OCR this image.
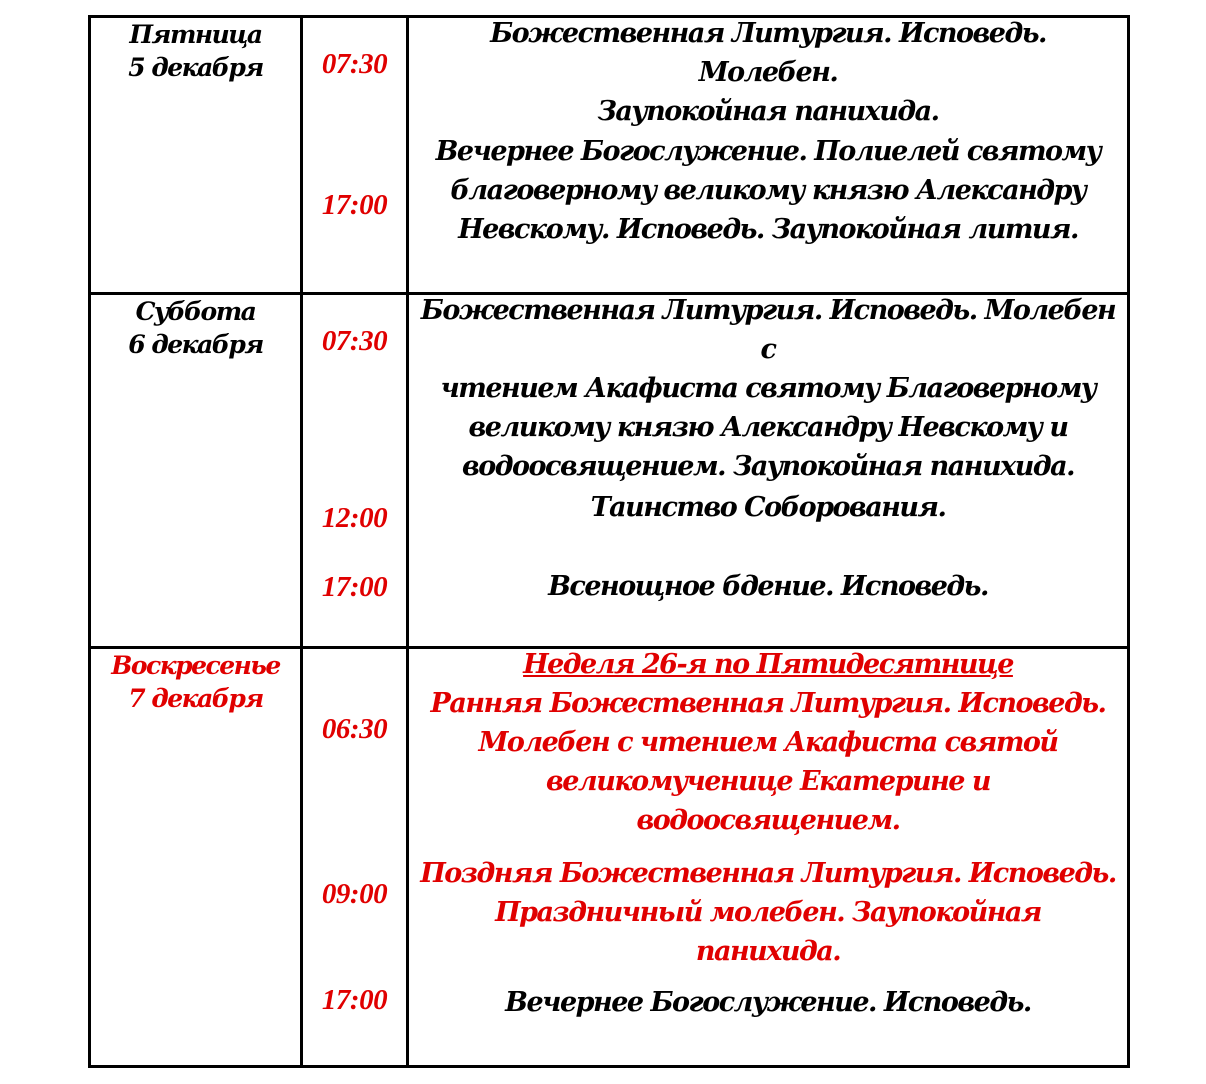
Пятница
5 декабря	07:30
17:00
Божественная Литургия. Исповедь. Молебен.
Заупокойная панихида.
Вечернее Богослужение. Полиелей святому
благоверному великому князю Александру
Невскому. Исповедь. Заупокойная лития.
Суббота
6 декабря	07:30
12:00
17:00
Божественная Литургия. Исповедь. Молебен с
чтением Акафиста святому Благоверному
великому князю Александру Невскому и
водоосвящением. Заупокойная панихида.
Таинство Соборования.
Всенощное бдение. Исповедь.
Воскресенье
7 декабря
06:30
09:00
17:00
Неделя 26-я по Пятидесятнице
Ранняя Божественная Литургия. Исповедь.
Молебен с чтением Акафиста святой
великомученице Екатерине и водоосвящением.
Поздняя Божественная Литургия. Исповедь.
Праздничный молебен. Заупокойная панихида.
Вечернее Богослужение. Исповедь.
